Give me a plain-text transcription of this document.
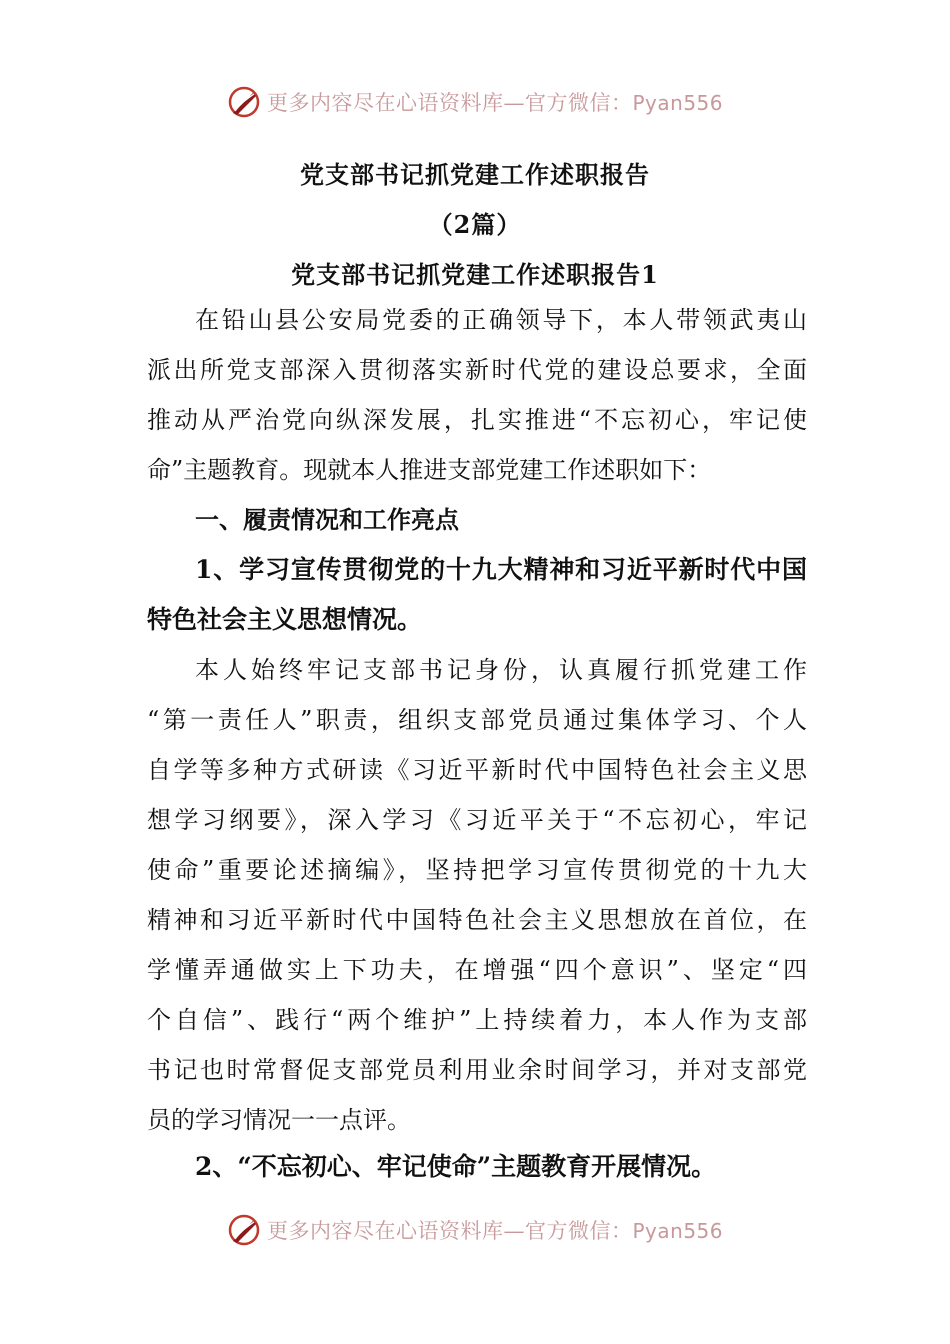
更多内容尽在心语资料库—官方微信：Pyan556
党支部书记抓党建工作述职报告
（2篇）
党支部书记抓党建工作述职报告1
在铅山县公安局党委的正确领导下，本人带领武夷山
派出所党支部深入贯彻落实新时代党的建设总要求，全面
推动从严治党向纵深发展，扎实推进“不忘初心，牢记使
命”主题教育。现就本人推进支部党建工作述职如下：
一、履责情况和工作亮点
1、学习宣传贯彻党的十九大精神和习近平新时代中国
特色社会主义思想情况。
本人始终牢记支部书记身份，认真履行抓党建工作
“第一责任人”职责，组织支部党员通过集体学习、个人
自学等多种方式研读《习近平新时代中国特色社会主义思
想学习纲要》，深入学习《习近平关于“不忘初心，牢记
使命”重要论述摘编》，坚持把学习宣传贯彻党的十九大
精神和习近平新时代中国特色社会主义思想放在首位，在
学懂弄通做实上下功夫，在增强“四个意识”、坚定“四
个自信”、践行“两个维护”上持续着力，本人作为支部
书记也时常督促支部党员利用业余时间学习，并对支部党
员的学习情况一一点评。
2、“不忘初心、牢记使命”主题教育开展情况。
更多内容尽在心语资料库—官方微信：Pyan556
